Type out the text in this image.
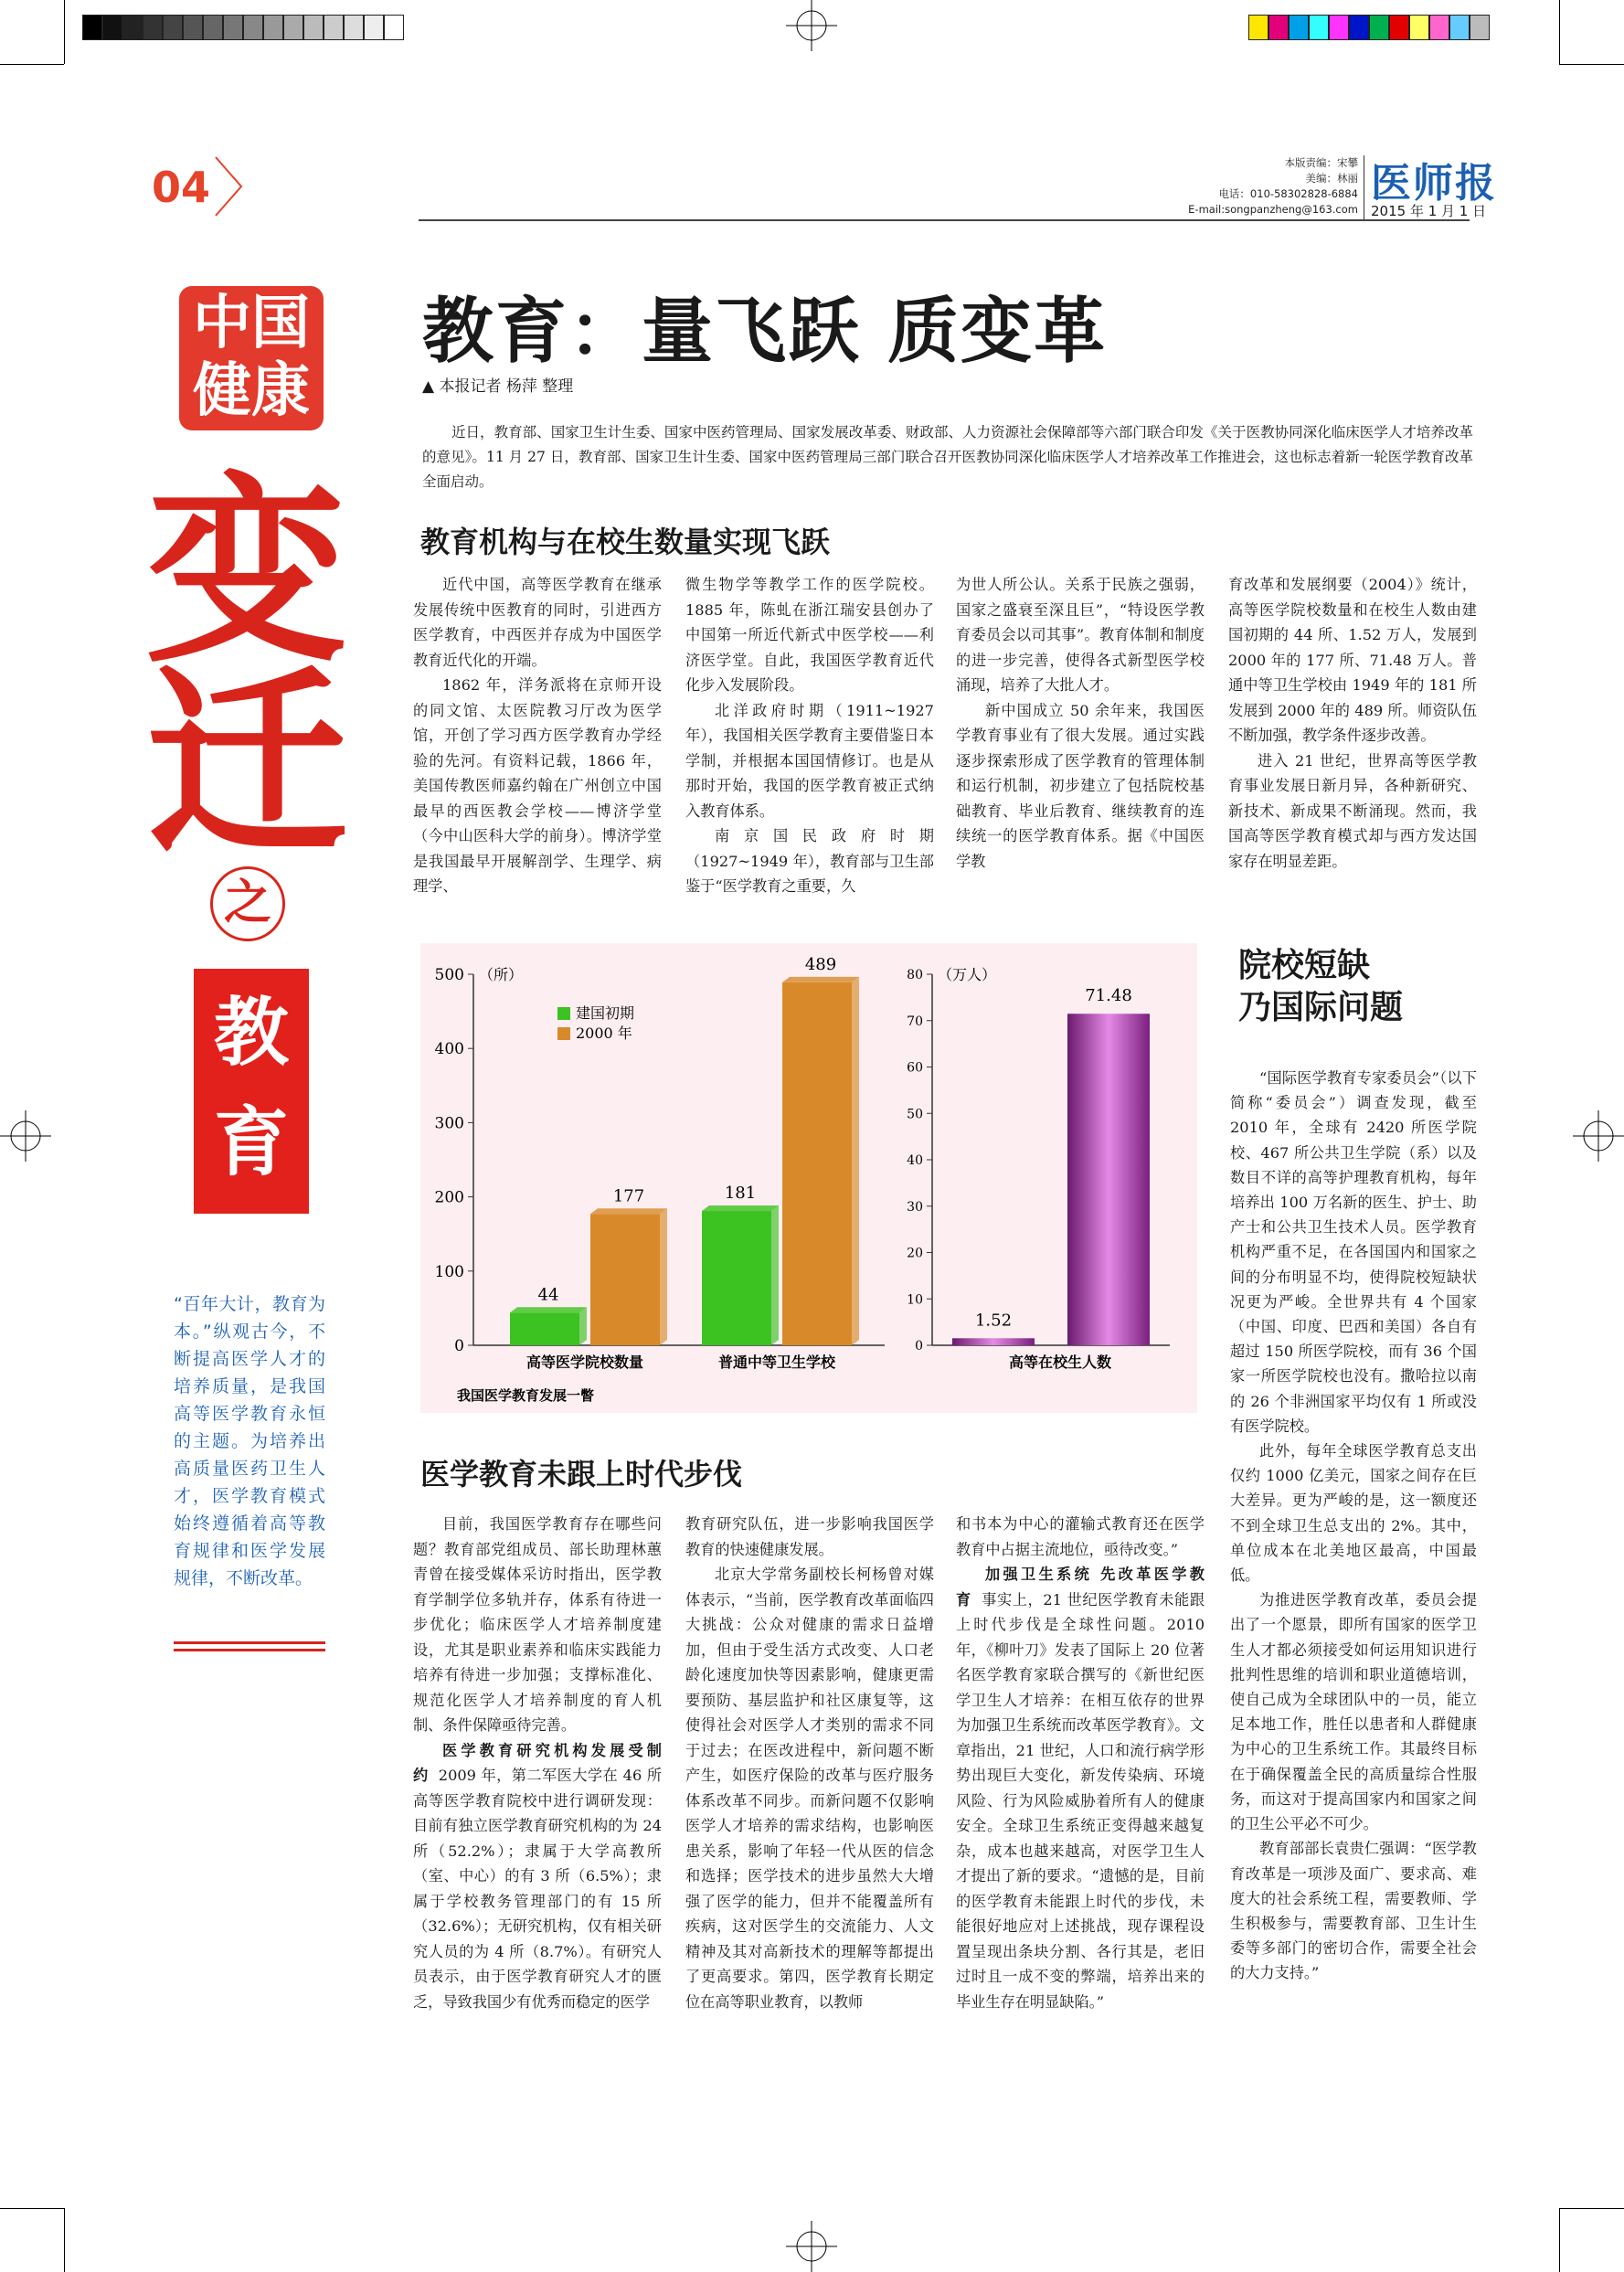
04	本版责编：宋攀
美编：林丽
电话：010-58302828-6884
E-mail:songpanzheng@163.com
医师报
2015 年 1 月 1 日
中国健康
变
迁
之
教
育
“百年大计，教育为本。”纵观古今，不断提高医学人才的培养质量，是我国高等医学教育永恒的主题。为培养出高质量医药卫生人才，医学教育模式始终遵循着高等教育规律和医学发展规律，不断改革。
教育：量飞跃 质变革
▲ 本报记者 杨萍 整理
近日，教育部、国家卫生计生委、国家中医药管理局、国家发展改革委、财政部、人力资源社会保障部等六部门联合印发《关于医教协同深化临床医学人才培养改革的意见》。11 月 27 日，教育部、国家卫生计生委、国家中医药管理局三部门联合召开医教协同深化临床医学人才培养改革工作推进会，这也标志着新一轮医学教育改革全面启动。
教育机构与在校生数量实现飞跃

近代中国，高等医学教育在继承发展传统中医教育的同时，引进西方医学教育，中西医并存成为中国医学教育近代化的开端。

1862 年，洋务派将在京师开设的同文馆、太医院教习厅改为医学馆，开创了学习西方医学教育办学经验的先河。有资料记载，1866 年，美国传教医师嘉约翰在广州创立中国最早的西医教会学校——博济学堂（今中山医科大学的前身）。博济学堂是我国最早开展解剖学、生理学、病理学、

微生物学等教学工作的医学院校。1885 年，陈虬在浙江瑞安县创办了中国第一所近代新式中医学校——利济医学堂。自此，我国医学教育近代化步入发展阶段。

北洋政府时期（1911~1927 年），我国相关医学教育主要借鉴日本学制，并根据本国国情修订。也是从那时开始，我国的医学教育被正式纳入教育体系。

南京国民政府时期（1927~1949 年），教育部与卫生部鉴于“医学教育之重要，久

为世人所公认。关系于民族之强弱，国家之盛衰至深且巨”，“特设医学教育委员会以司其事”。教育体制和制度的进一步完善，使得各式新型医学校涌现，培养了大批人才。

新中国成立 50 余年来，我国医学教育事业有了很大发展。通过实践逐步探索形成了医学教育的管理体制和运行机制，初步建立了包括院校基础教育、毕业后教育、继续教育的连续统一的医学教育体系。据《中国医学教

育改革和发展纲要（2004）》统计，高等医学院校数量和在校生人数由建国初期的 44 所、1.52 万人，发展到 2000 年的 177 所、71.48 万人。普通中等卫生学校由 1949 年的 181 所发展到 2000 年的 489 所。师资队伍不断加强，教学条件逐步改善。

进入 21 世纪，世界高等医学教育事业发展日新月异，各种新研究、新技术、新成果不断涌现。然而，我国高等医学教育模式却与西方发达国家存在明显差距。

0
100
200
300
400
500 （所）
建国初期
2000 年
44
177
高等医学院校数量
181
489
普通中等卫生学校
我国医学教育发展一瞥
0
10
20
30
40
50
60
70
80 （万人）
1.52
71.48
高等在校生人数
院校短缺
乃国际问题

“国际医学教育专家委员会”（以下简称“委员会”）调查发现，截至 2010 年，全球有 2420 所医学院校、467 所公共卫生学院（系）以及数目不详的高等护理教育机构，每年培养出 100 万名新的医生、护士、助产士和公共卫生技术人员。医学教育机构严重不足，在各国国内和国家之间的分布明显不均，使得院校短缺状况更为严峻。全世界共有 4 个国家（中国、印度、巴西和美国）各自有超过 150 所医学院校，而有 36 个国家一所医学院校也没有。撒哈拉以南的 26 个非洲国家平均仅有 1 所或没有医学院校。

此外，每年全球医学教育总支出仅约 1000 亿美元，国家之间存在巨大差异。更为严峻的是，这一额度还不到全球卫生总支出的 2%。其中，单位成本在北美地区最高，中国最低。

为推进医学教育改革，委员会提出了一个愿景，即所有国家的医学卫生人才都必须接受如何运用知识进行批判性思维的培训和职业道德培训，使自己成为全球团队中的一员，能立足本地工作，胜任以患者和人群健康为中心的卫生系统工作。其最终目标在于确保覆盖全民的高质量综合性服务，而这对于提高国家内和国家之间的卫生公平必不可少。

教育部部长袁贵仁强调：“医学教育改革是一项涉及面广、要求高、难度大的社会系统工程，需要教师、学生积极参与，需要教育部、卫生计生委等多部门的密切合作，需要全社会的大力支持。”

医学教育未跟上时代步伐

目前，我国医学教育存在哪些问题？教育部党组成员、部长助理林蕙青曾在接受媒体采访时指出，医学教育学制学位多轨并存，体系有待进一步优化；临床医学人才培养制度建设，尤其是职业素养和临床实践能力培养有待进一步加强；支撑标准化、规范化医学人才培养制度的育人机制、条件保障亟待完善。

医学教育研究机构发展受制约 2009 年，第二军医大学在 46 所高等医学教育院校中进行调研发现：目前有独立医学教育研究机构的为 24 所（52.2%）；隶属于大学高教所（室、中心）的有 3 所（6.5%）；隶属于学校教务管理部门的有 15 所（32.6%）；无研究机构，仅有相关研究人员的为 4 所（8.7%）。有研究人员表示，由于医学教育研究人才的匮乏，导致我国少有优秀而稳定的医学

教育研究队伍，进一步影响我国医学教育的快速健康发展。

北京大学常务副校长柯杨曾对媒体表示，“当前，医学教育改革面临四大挑战：公众对健康的需求日益增加，但由于受生活方式改变、人口老龄化速度加快等因素影响，健康更需要预防、基层监护和社区康复等，这使得社会对医学人才类别的需求不同于过去；在医改进程中，新问题不断产生，如医疗保险的改革与医疗服务体系改革不同步。而新问题不仅影响医学人才培养的需求结构，也影响医患关系，影响了年轻一代从医的信念和选择；医学技术的进步虽然大大增强了医学的能力，但并不能覆盖所有疾病，这对医学生的交流能力、人文精神及其对高新技术的理解等都提出了更高要求。第四，医学教育长期定位在高等职业教育，以教师

和书本为中心的灌输式教育还在医学教育中占据主流地位，亟待改变。”

加强卫生系统 先改革医学教育 事实上，21 世纪医学教育未能跟上时代步伐是全球性问题。2010 年，《柳叶刀》发表了国际上 20 位著名医学教育家联合撰写的《新世纪医学卫生人才培养：在相互依存的世界为加强卫生系统而改革医学教育》。文章指出，21 世纪，人口和流行病学形势出现巨大变化，新发传染病、环境风险、行为风险威胁着所有人的健康安全。全球卫生系统正变得越来越复杂，成本也越来越高，对医学卫生人才提出了新的要求。“遗憾的是，目前的医学教育未能跟上时代的步伐，未能很好地应对上述挑战，现存课程设置呈现出条块分割、各行其是，老旧过时且一成不变的弊端，培养出来的毕业生存在明显缺陷。”
